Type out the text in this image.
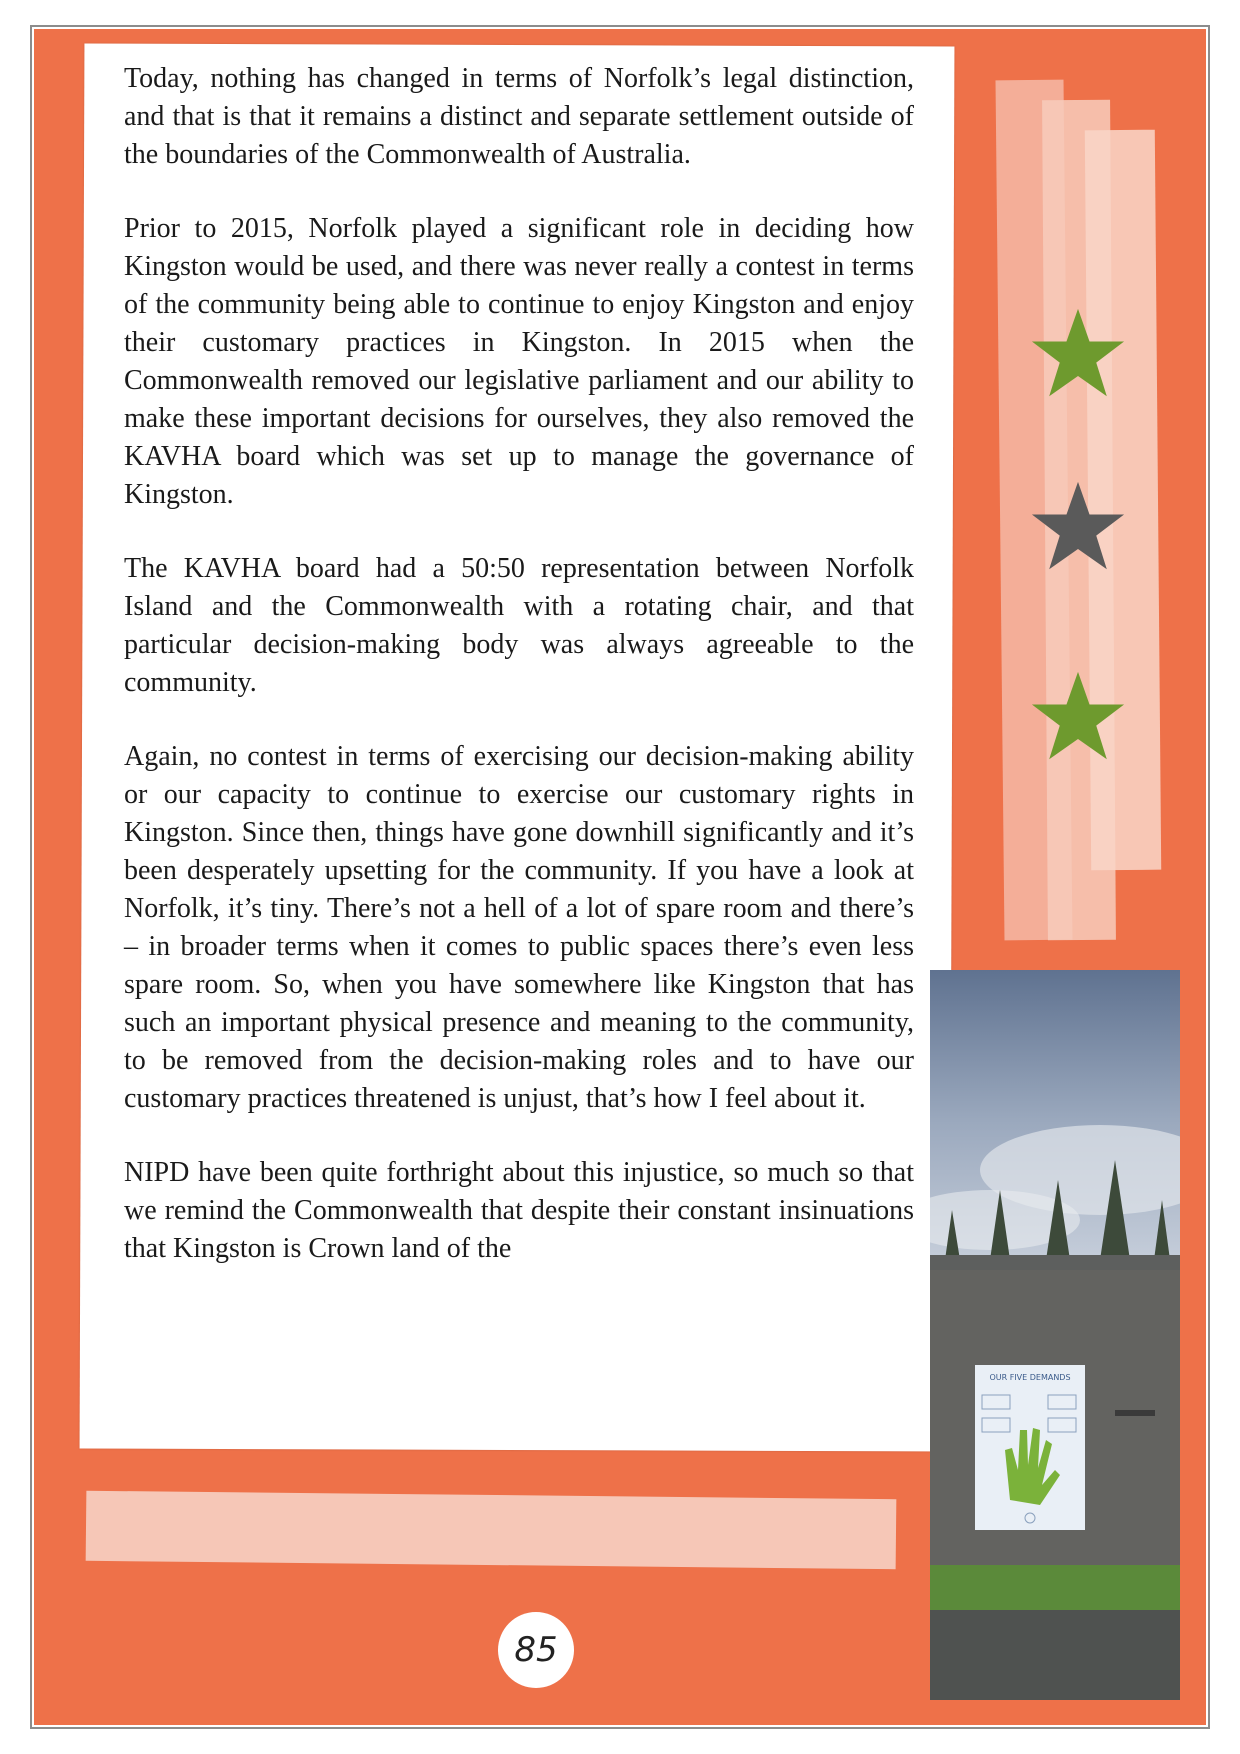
Today, nothing has changed in terms of Norfolk’s legal distinction, and that is that it remains a distinct and separate settlement outside of the boundaries of the Commonwealth of Australia.

Prior to 2015, Norfolk played a significant role in deciding how Kingston would be used, and there was never really a contest in terms of the community being able to continue to enjoy Kingston and enjoy their customary practices in Kingston. In 2015 when the Commonwealth removed our legislative parliament and our ability to make these important decisions for ourselves, they also removed the KAVHA board which was set up to manage the governance of Kingston.

The KAVHA board had a 50:50 representation between Norfolk Island and the Commonwealth with a rotating chair, and that particular decision-making body was always agreeable to the community.

Again, no contest in terms of exercising our decision-making ability or our capacity to continue to exercise our customary rights in Kingston. Since then, things have gone downhill significantly and it’s been desperately upsetting for the community. If you have a look at Norfolk, it’s tiny. There’s not a hell of a lot of spare room and there’s – in broader terms when it comes to public spaces there’s even less spare room. So, when you have somewhere like Kingston that has such an important physical presence and meaning to the community, to be removed from the decision-making roles and to have our customary practices threatened is unjust, that’s how I feel about it.

NIPD have been quite forthright about this injustice, so much so that we remind the Commonwealth that despite their constant insinuations that Kingston is Crown land of the

OUR FIVE DEMANDS
85
